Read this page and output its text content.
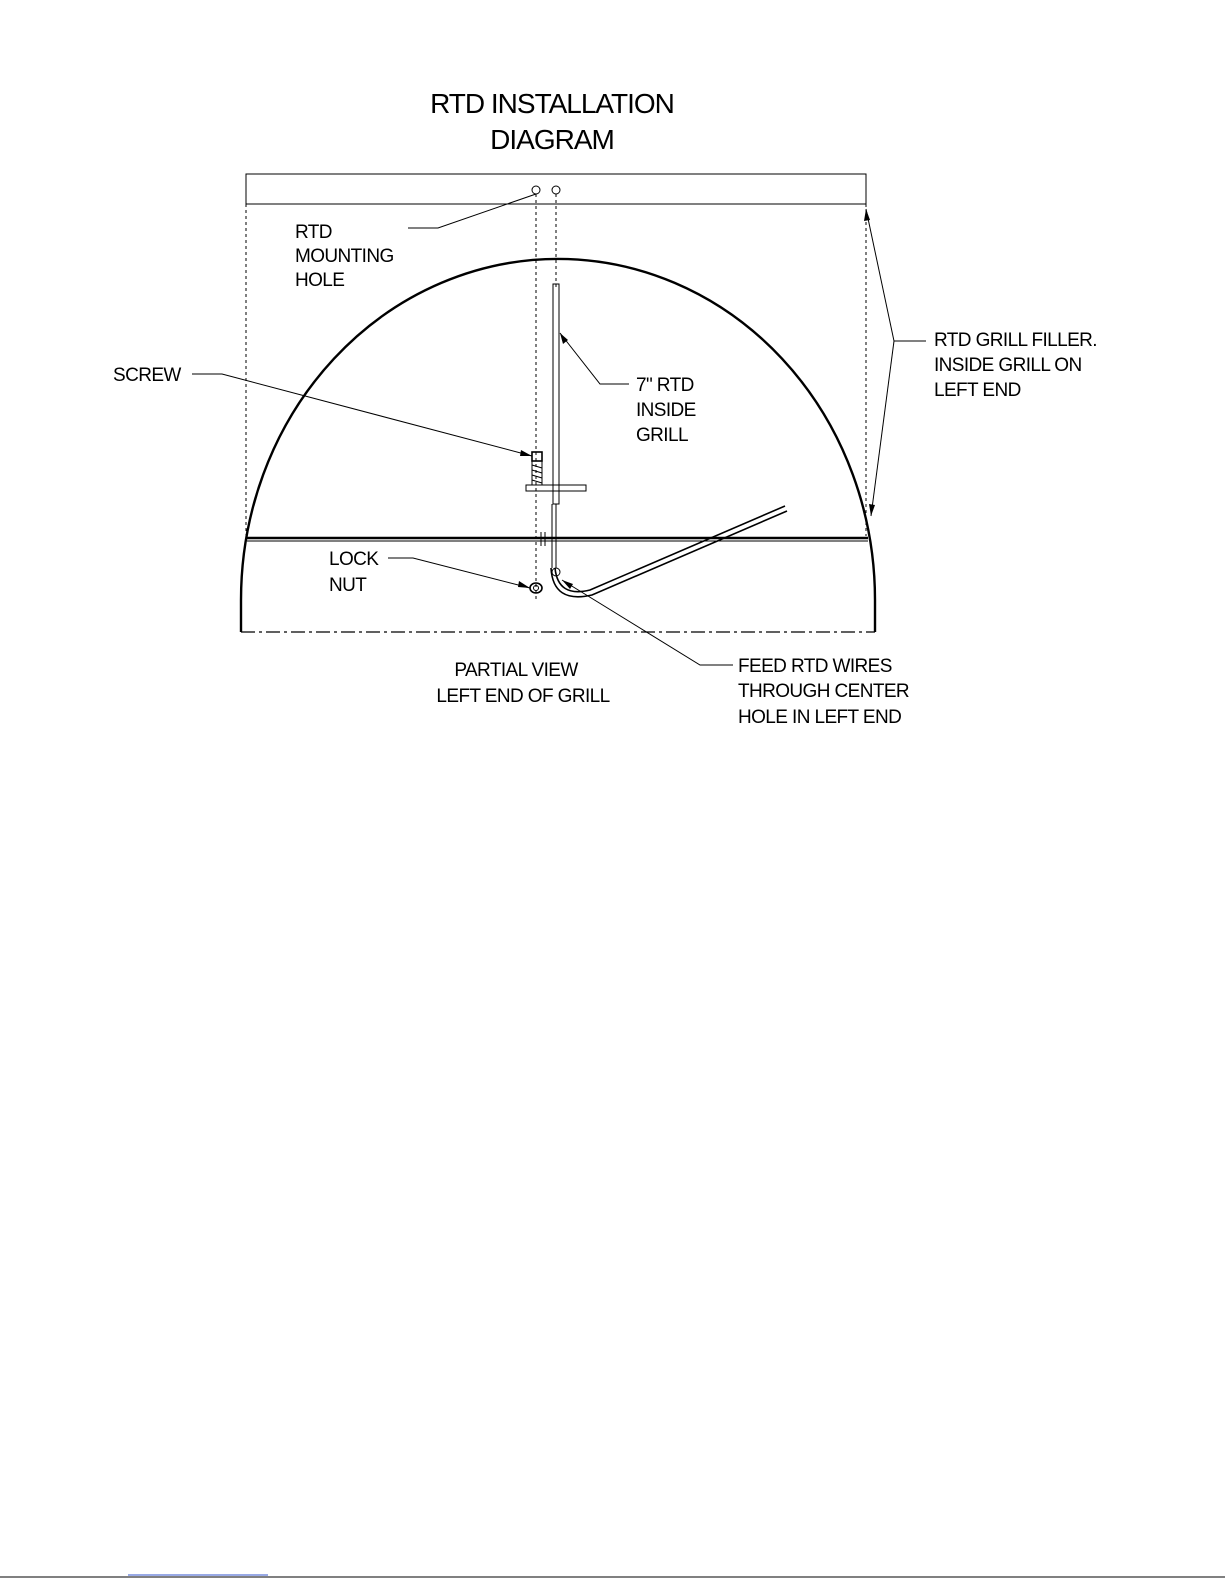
RTD INSTALLATION
DIAGRAM
RTD
MOUNTING
HOLE
SCREW	7" RTD
INSIDE
GRILL
RTD GRILL FILLER.
INSIDE GRILL ON
LEFT END
LOCK
NUT
PARTIAL VIEW
LEFT END OF GRILL
FEED RTD WIRES
THROUGH CENTER
HOLE IN LEFT END
